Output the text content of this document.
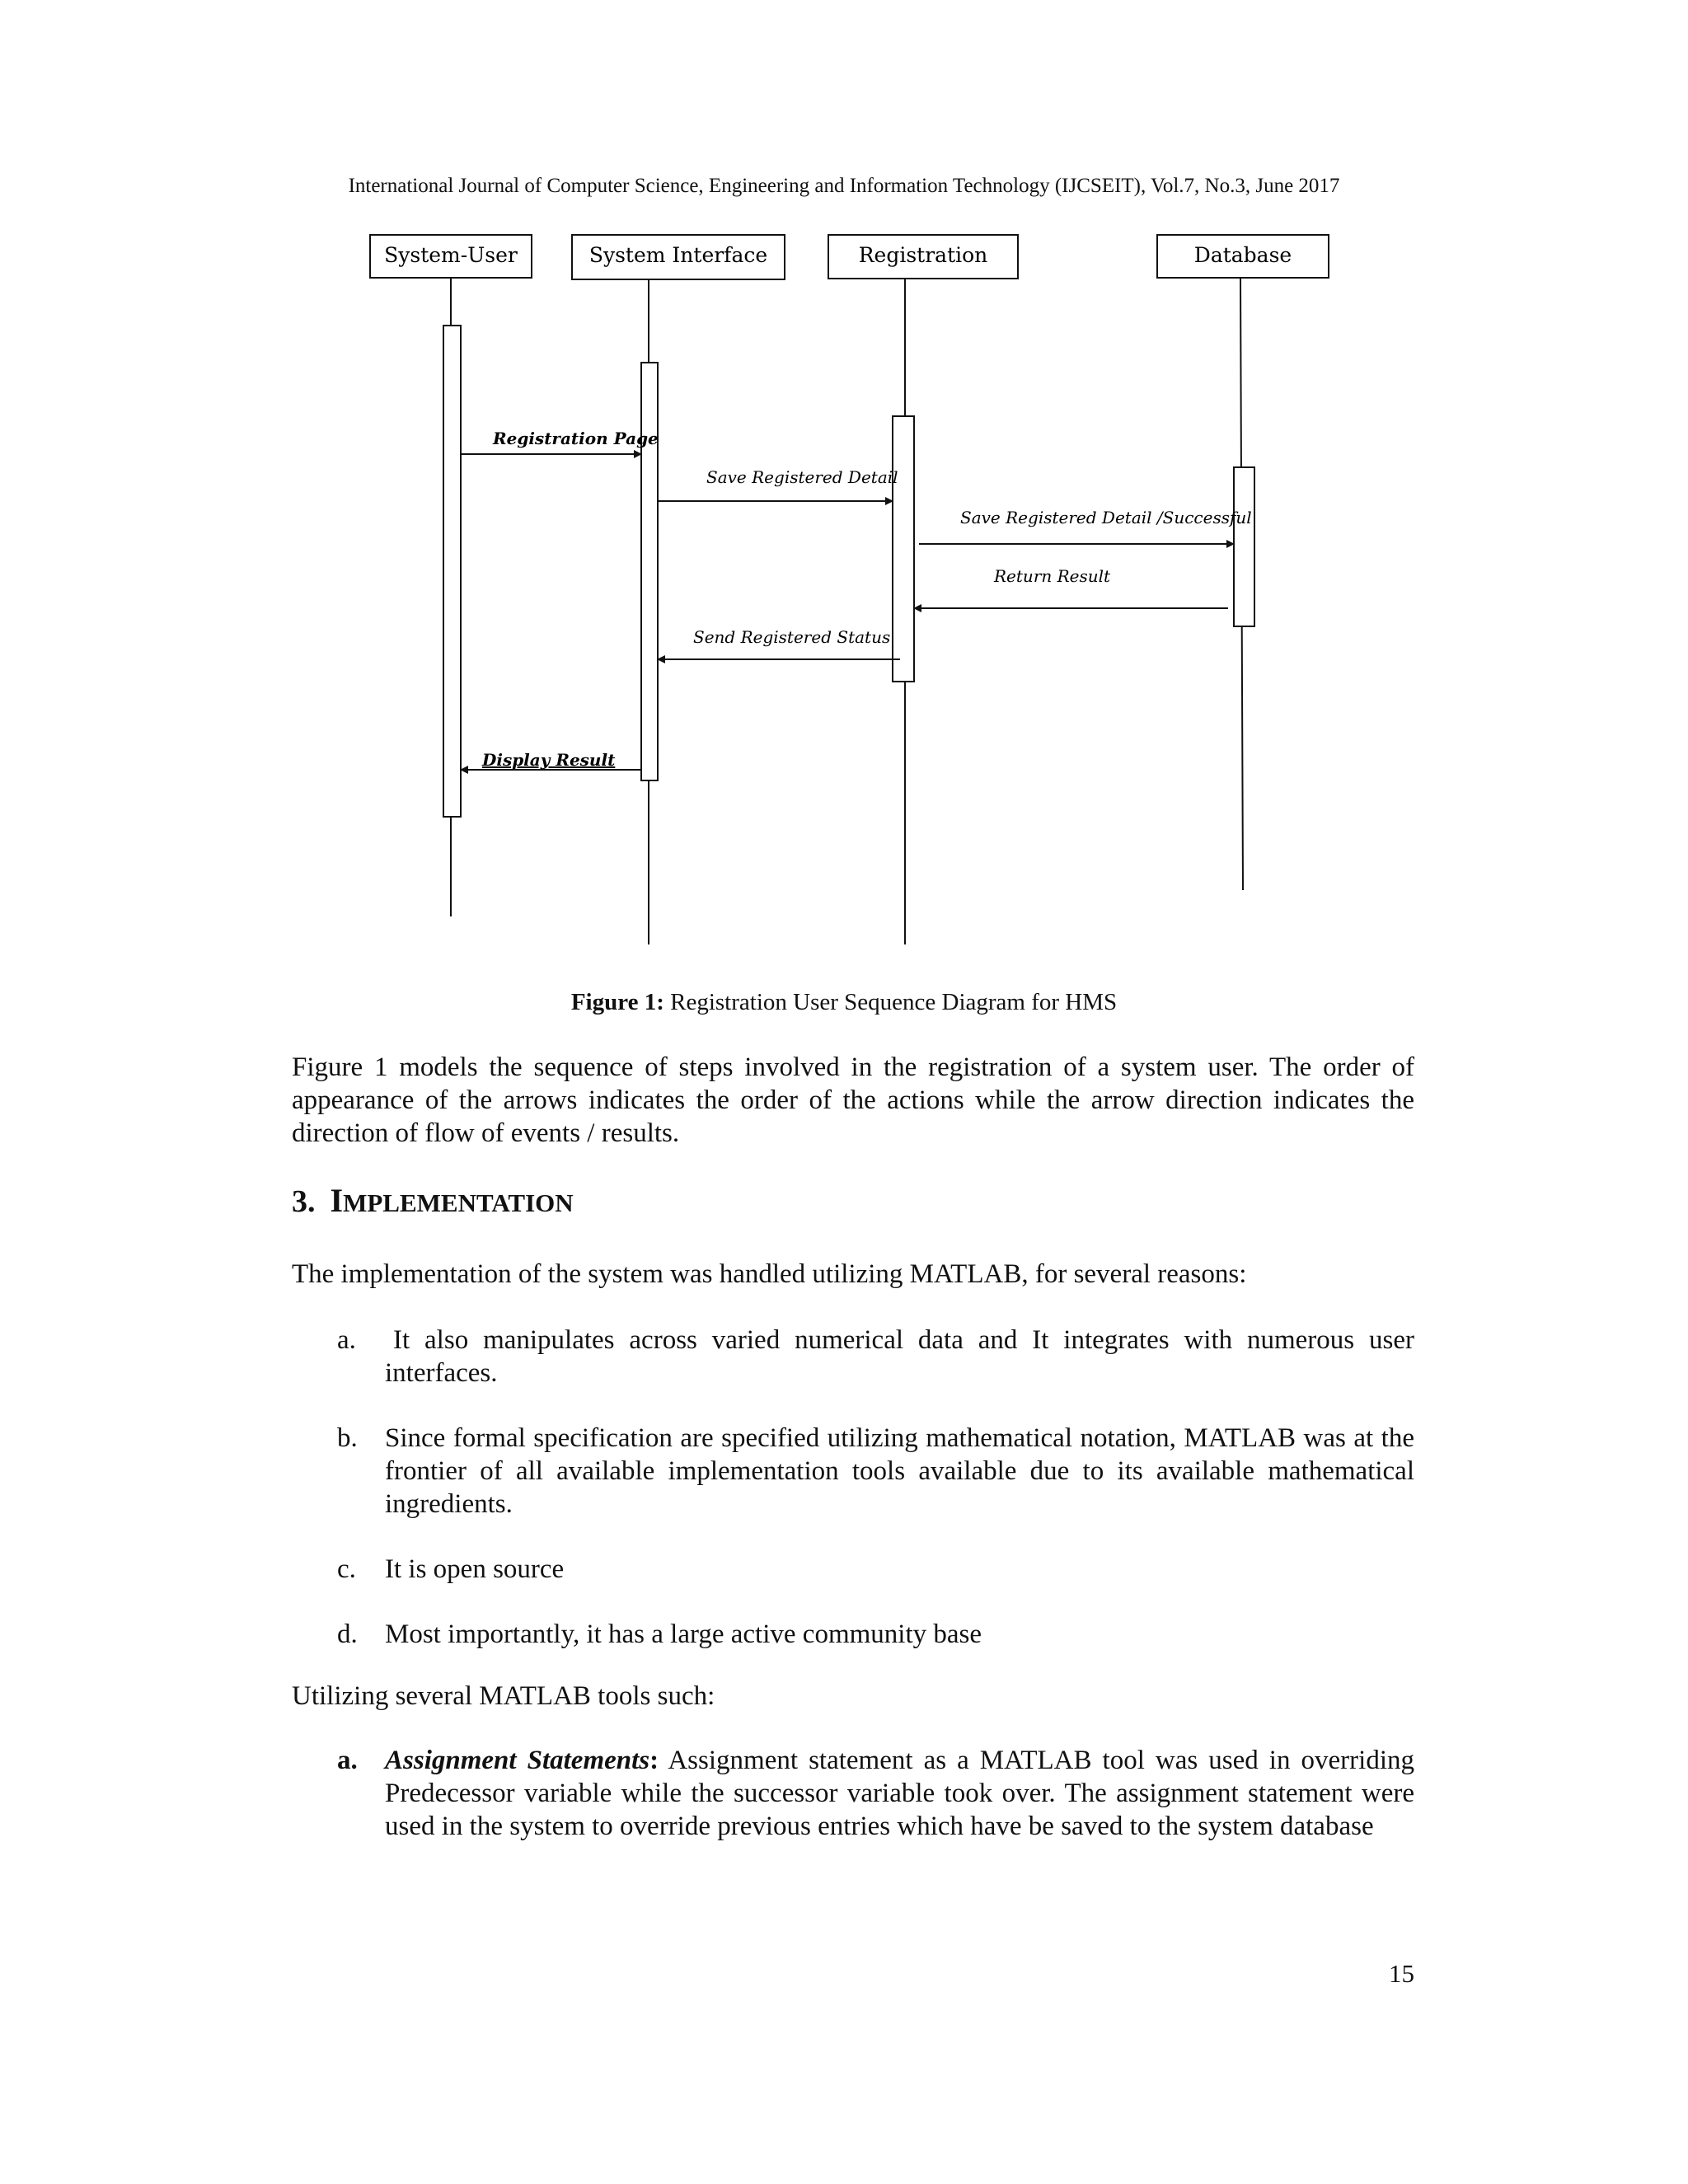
International Journal of Computer Science, Engineering and Information Technology (IJCSEIT), Vol.7, No.3, June 2017
System-User	System Interface	Registration	Database
Registration Page
Save Registered Detail
Save Registered Detail /Successful
Return Result
Send Registered Status
Display Result
Figure 1: Registration User Sequence Diagram for HMS

Figure 1 models the sequence of steps involved in the registration of a system user. The order of appearance of the arrows indicates the order of the actions while the arrow direction indicates the direction of flow of events / results.

3. IMPLEMENTATION

The implementation of the system was handled utilizing MATLAB, for several reasons:

a.	It also manipulates across varied numerical data and It integrates with numerous user interfaces.
b. Since formal specification are specified utilizing mathematical notation, MATLAB was at the frontier of all available implementation tools available due to its available mathematical ingredients.
c. It is open source
d. Most importantly, it has a large active community base

Utilizing several MATLAB tools such:

a. Assignment Statements: Assignment statement as a MATLAB tool was used in overriding Predecessor variable while the successor variable took over. The assignment statement were used in the system to override previous entries which have be saved to the system database
15
